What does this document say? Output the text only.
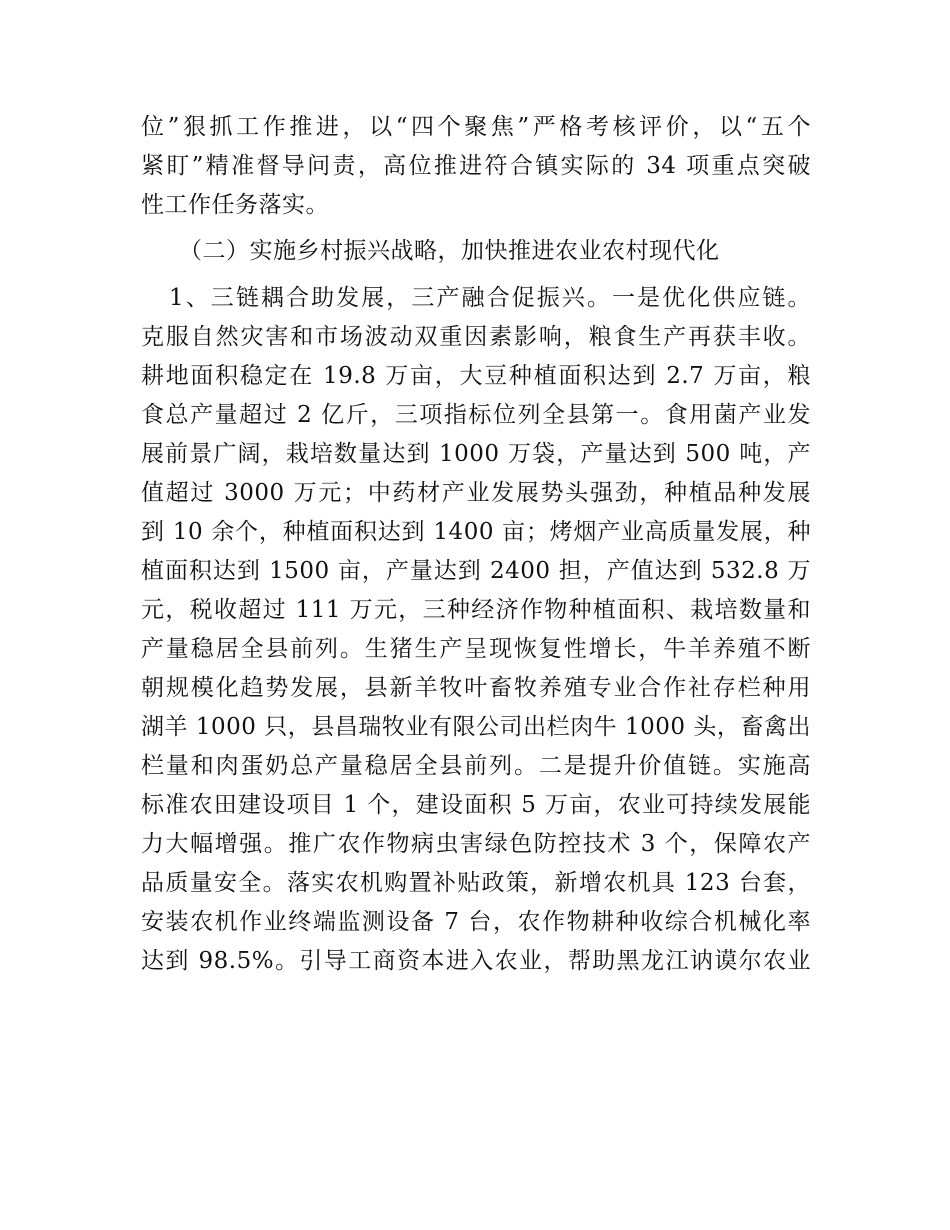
位”狠抓工作推进，以“四个聚焦”严格考核评价，以“五个
紧盯”精准督导问责，高位推进符合镇实际的 34 项重点突破
性工作任务落实。
（二）实施乡村振兴战略，加快推进农业农村现代化
1、三链耦合助发展，三产融合促振兴。一是优化供应链。
克服自然灾害和市场波动双重因素影响，粮食生产再获丰收。
耕地面积稳定在 19.8 万亩，大豆种植面积达到 2.7 万亩，粮
食总产量超过 2 亿斤，三项指标位列全县第一。食用菌产业发
展前景广阔，栽培数量达到 1000 万袋，产量达到 500 吨，产
值超过 3000 万元；中药材产业发展势头强劲，种植品种发展
到 10 余个，种植面积达到 1400 亩；烤烟产业高质量发展，种
植面积达到 1500 亩，产量达到 2400 担，产值达到 532.8 万
元，税收超过 111 万元，三种经济作物种植面积、栽培数量和
产量稳居全县前列。生猪生产呈现恢复性增长，牛羊养殖不断
朝规模化趋势发展，县新羊牧叶畜牧养殖专业合作社存栏种用
湖羊 1000 只，县昌瑞牧业有限公司出栏肉牛 1000 头，畜禽出
栏量和肉蛋奶总产量稳居全县前列。二是提升价值链。实施高
标准农田建设项目 1 个，建设面积 5 万亩，农业可持续发展能
力大幅增强。推广农作物病虫害绿色防控技术 3 个，保障农产
品质量安全。落实农机购置补贴政策，新增农机具 123 台套，
安装农机作业终端监测设备 7 台，农作物耕种收综合机械化率
达到 98.5%。引导工商资本进入农业，帮助黑龙江讷谟尔农业
